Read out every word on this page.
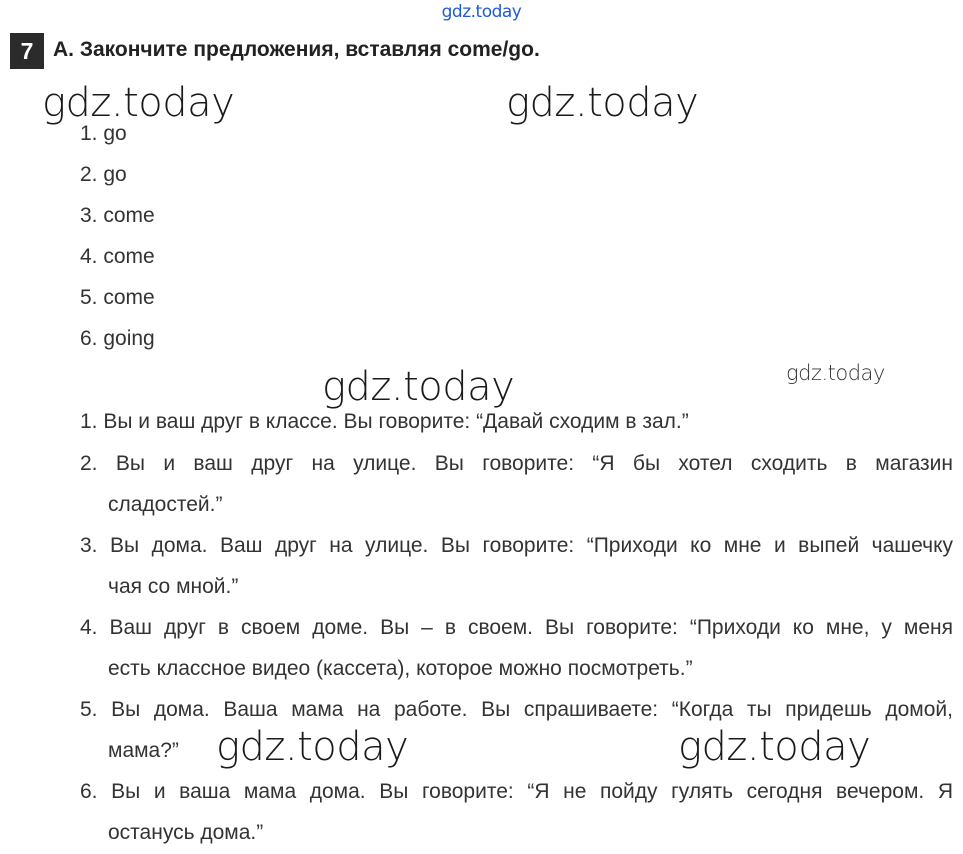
gdz.today
7 A. Закончите предложения, вставляя come/go.
gdz.today	gdz.today
gdz.today	gdz.today
gdz.today	gdz.today
1. go
2. go
3. come
4. come
5. come
6. going
1. Вы и ваш друг в классе. Вы говорите: “Давай сходим в зал.”
2. Вы и ваш друг на улице. Вы говорите: “Я бы хотел сходить в магазин
сладостей.”
3. Вы дома. Ваш друг на улице. Вы говорите: “Приходи ко мне и выпей чашечку
чая со мной.”
4. Ваш друг в своем доме. Вы – в своем. Вы говорите: “Приходи ко мне, у меня
есть классное видео (кассета), которое можно посмотреть.”
5. Вы дома. Ваша мама на работе. Вы спрашиваете: “Когда ты придешь домой,
мама?”
6. Вы и ваша мама дома. Вы говорите: “Я не пойду гулять сегодня вечером. Я
останусь дома.”
